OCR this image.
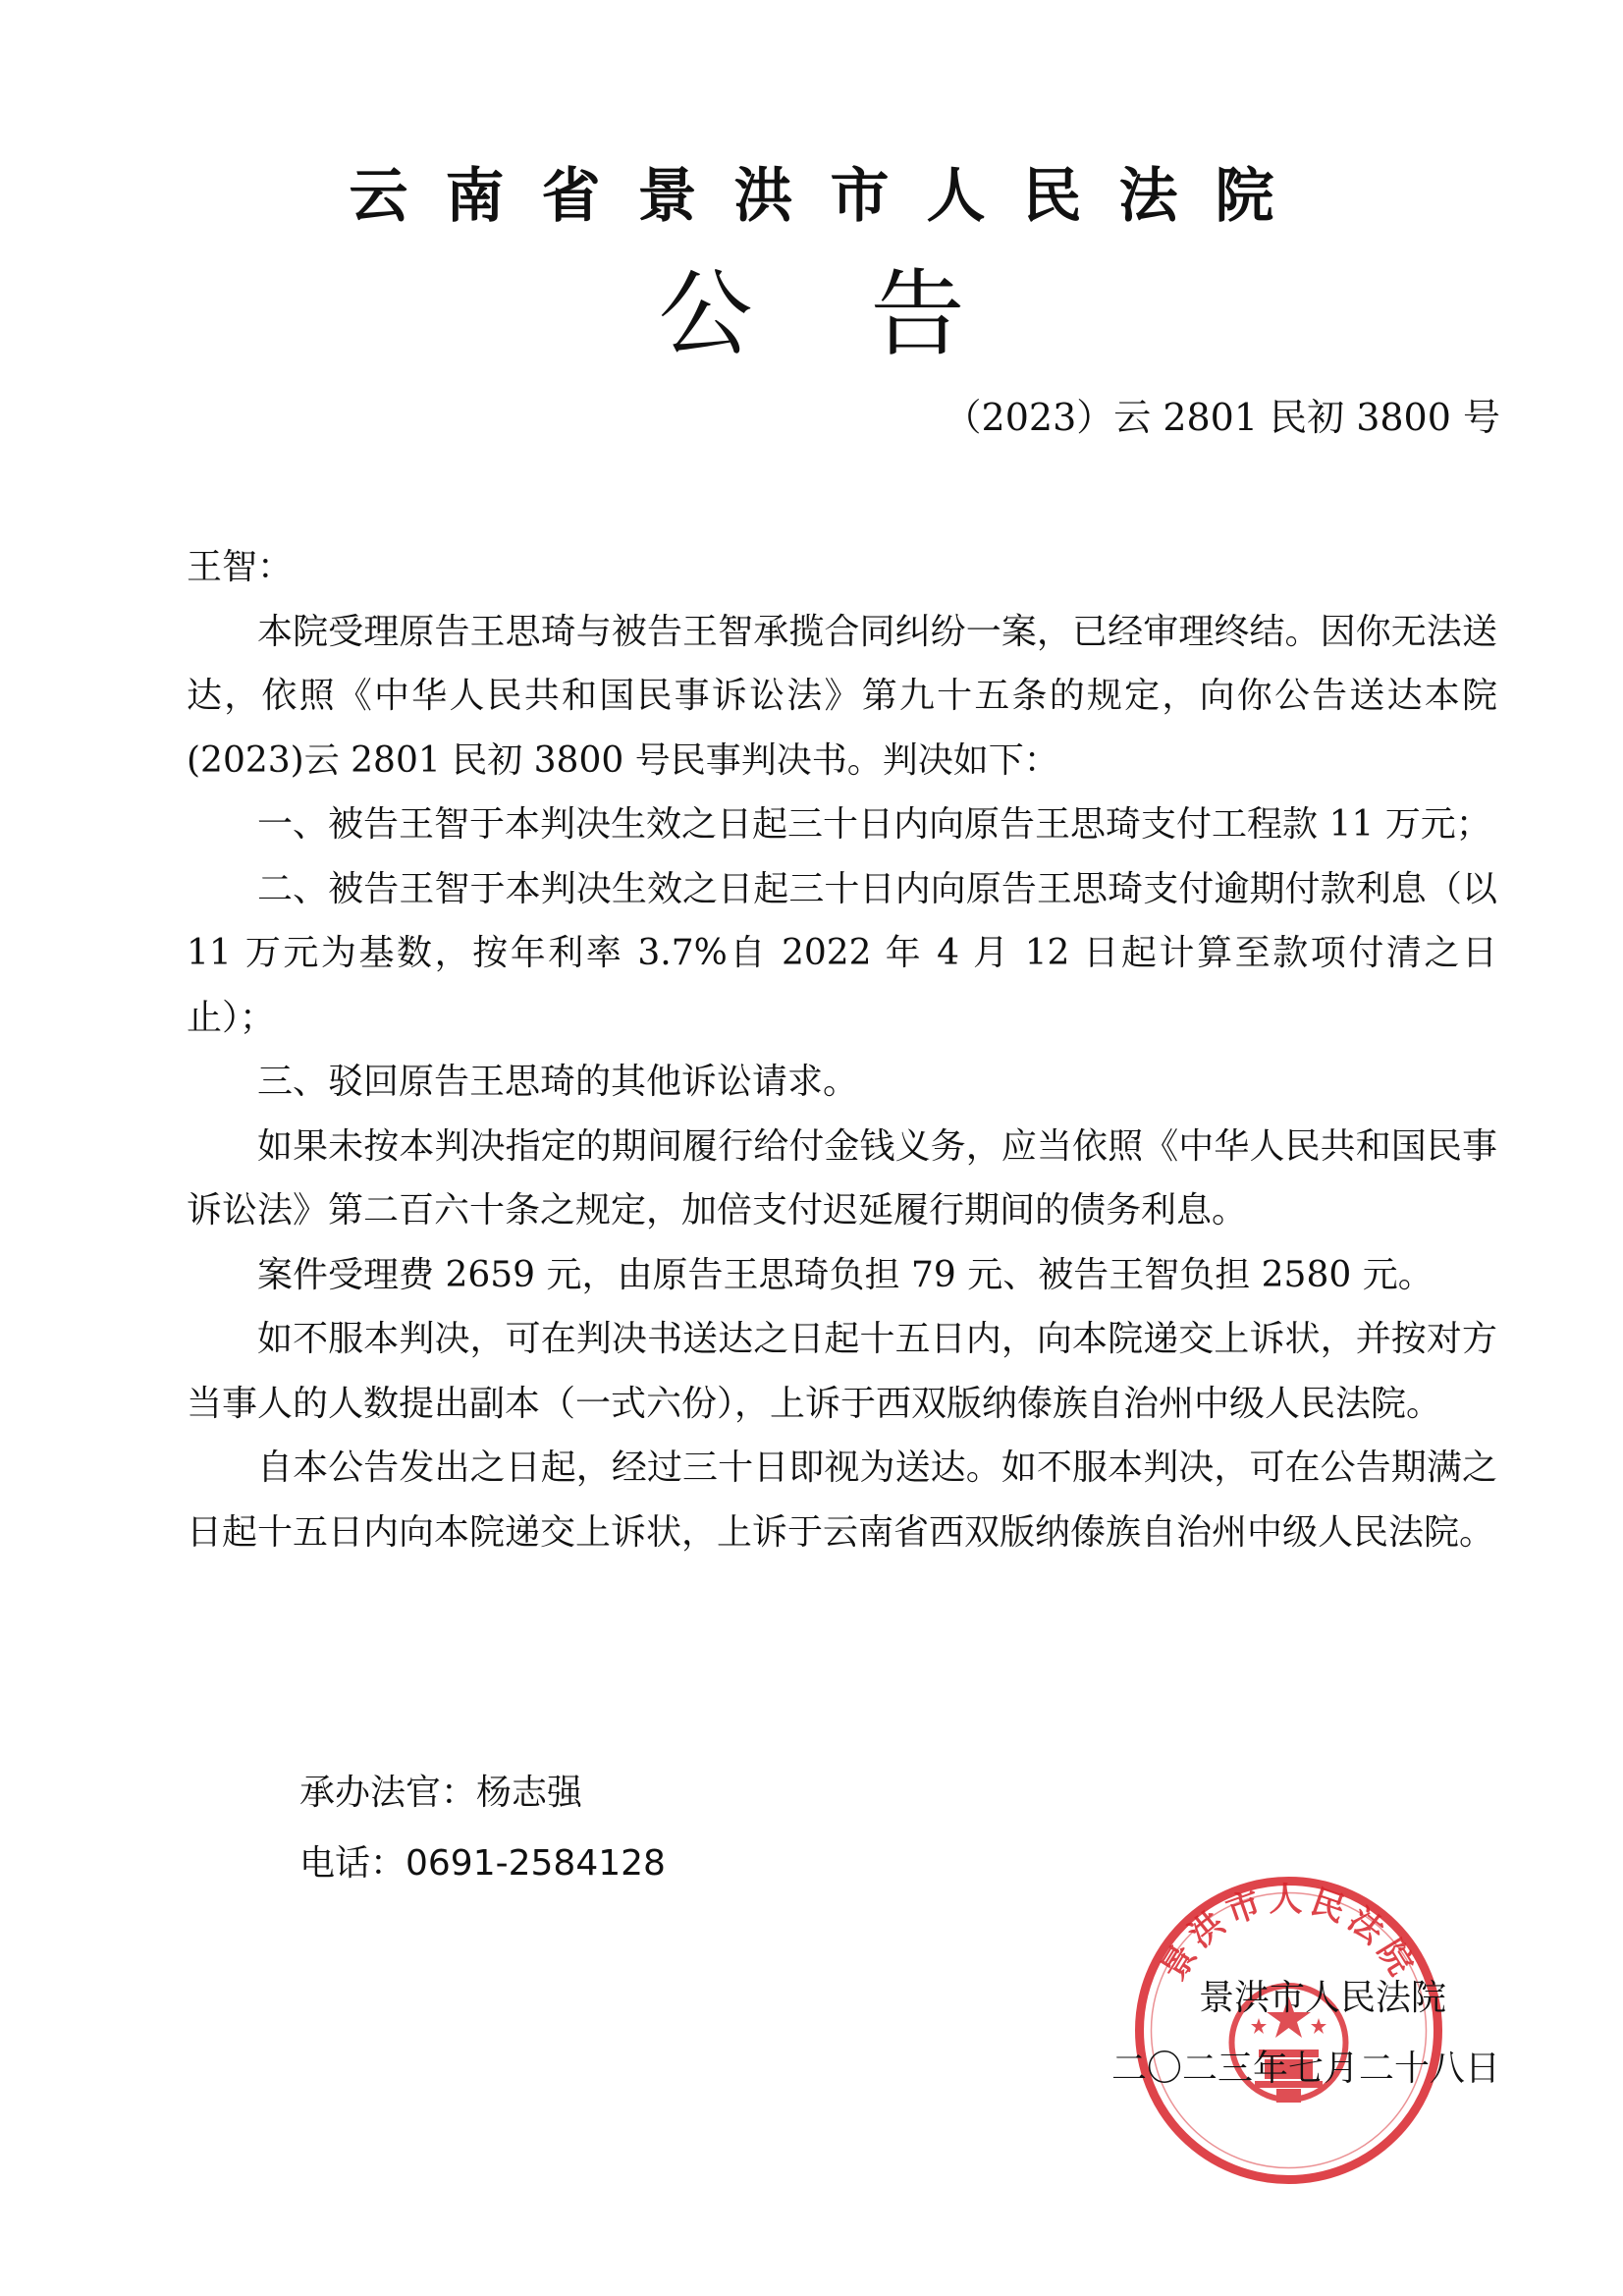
云南省景洪市人民法院
公告
（2023）云 2801 民初 3800 号

王智：

本院受理原告王思琦与被告王智承揽合同纠纷一案，已经审理终结。因你无法送达，依照《中华人民共和国民事诉讼法》第九十五条的规定，向你公告送达本院(2023)云 2801 民初 3800 号民事判决书。判决如下：

一、被告王智于本判决生效之日起三十日内向原告王思琦支付工程款 11 万元；

二、被告王智于本判决生效之日起三十日内向原告王思琦支付逾期付款利息（以 11 万元为基数，按年利率 3.7%自 2022 年 4 月 12 日起计算至款项付清之日止）；

三、驳回原告王思琦的其他诉讼请求。

如果未按本判决指定的期间履行给付金钱义务，应当依照《中华人民共和国民事诉讼法》第二百六十条之规定，加倍支付迟延履行期间的债务利息。

案件受理费 2659 元，由原告王思琦负担 79 元、被告王智负担 2580 元。

如不服本判决，可在判决书送达之日起十五日内，向本院递交上诉状，并按对方当事人的人数提出副本（一式六份），上诉于西双版纳傣族自治州中级人民法院。

自本公告发出之日起，经过三十日即视为送达。如不服本判决，可在公告期满之日起十五日内向本院递交上诉状，上诉于云南省西双版纳傣族自治州中级人民法院。

承办法官：杨志强
电话：0691-2584128
景洪市人民法院
景洪市人民法院
二〇二三年七月二十八日
